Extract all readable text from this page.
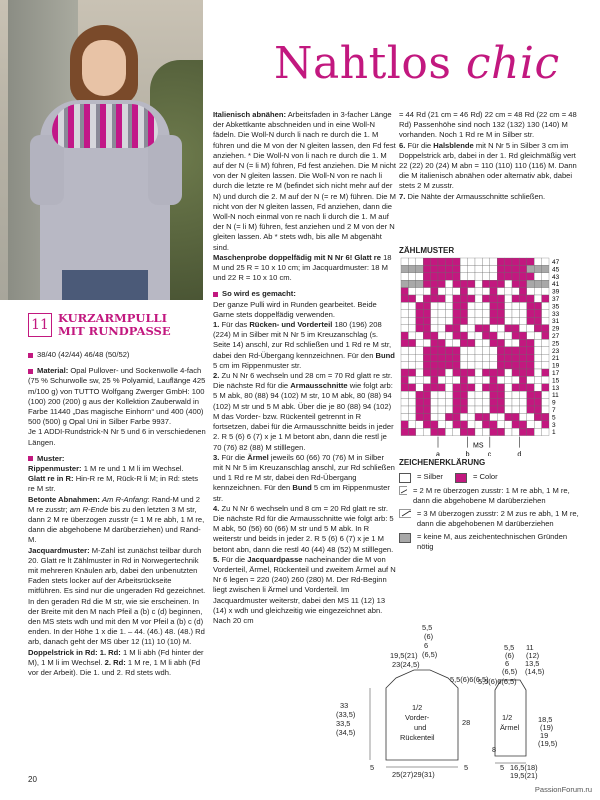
Nahtlos chic
11 KURZARMPULLI
MIT RUNDPASSE

38/40 (42/44) 46/48 (50/52)

Material: Opal Pullover- und Sockenwolle 4-fach (75 % Schurwolle sw, 25 % Polyamid, Lauflänge 425 m/100 g) von TUTTO Wolfgang Zwerger GmbH: 100 (100) 200 (200) g aus der Kollektion Zauberwald in Farbe 11440 „Das magische Einhorn“ und 400 (400) 500 (500) g Opal Uni in Silber Farbe 9937.

Je 1 ADDI-Rundstrick-N Nr 5 und 6 in verschiedenen Längen.

Muster:

Rippenmuster: 1 M re und 1 M li im Wechsel.

Glatt re in R: Hin-R re M, Rück-R li M; in Rd: stets re M str.

Betonte Abnahmen: Am R-Anfang: Rand-M und 2 M re zusstr; am R-Ende bis zu den letzten 3 M str, dann 2 M re überzogen zusstr (= 1 M re abh, 1 M re, dann die abgehobene M darüberziehen) und Rand-M.

Jacquardmuster: M-Zahl ist zunächst teilbar durch 20. Glatt re lt Zählmuster in Rd in Norwegertechnik mit mehreren Knäulen arb, dabei den unbenutzten Faden stets locker auf der Arbeitsrückseite mitführen. Es sind nur die ungeraden Rd gezeichnet. In den geraden Rd die M str, wie sie erscheinen. In der Breite mit den M nach Pfeil a (b) c (d) beginnen, den MS stets wdh und mit den M vor Pfeil a (b) c (d) enden. In der Höhe 1 x die 1. – 44. (46.) 48. (48.) Rd arb, danach geht der MS über 12 (11) 10 (10) M.

Doppelstrick in Rd: 1. Rd: 1 M li abh (Fd hinter der M), 1 M li im Wechsel. 2. Rd: 1 M re, 1 M li abh (Fd vor der Arbeit). Die 1. und 2. Rd stets wdh.

Italienisch abnähen: Arbeitsfaden in 3-facher Länge der Abkettkante abschneiden und in eine Woll-N fädeln. Die Woll-N durch li nach re durch die 1. M führen und die M von der N gleiten lassen, den Fd fest anziehen. * Die Woll-N von li nach re durch die 1. M auf der N (= li M) führen, Fd fest anziehen. Die M nicht von der N gleiten lassen. Die Woll-N von re nach li durch die letzte re M (befindet sich nicht mehr auf der N) und durch die 2. M auf der N (= re M) führen. Die M nicht von der N gleiten lassen, Fd anziehen, dann die Woll-N noch einmal von re nach li durch die 1. M auf der N (= li M) führen, fest anziehen und 2 M von der N gleiten lassen. Ab * stets wdh, bis alle M abgenäht sind.

Maschenprobe doppelfädig mit N Nr 6! Glatt re 18 M und 25 R = 10 x 10 cm; im Jacquardmuster: 18 M und 22 R = 10 x 10 cm.

So wird es gemacht:

Der ganze Pulli wird in Runden gearbeitet. Beide Garne stets doppelfädig verwenden.

1. Für das Rücken- und Vorderteil 180 (196) 208 (224) M in Silber mit N Nr 5 im Kreuzanschlag (s. Seite 14) anschl, zur Rd schließen und 1 Rd re M str, dabei den Rd-Übergang kennzeichnen. Für den Bund 5 cm im Rippenmuster str.

2. Zu N Nr 6 wechseln und 28 cm = 70 Rd glatt re str. Die nächste Rd für die Armausschnitte wie folgt arb: 5 M abk, 80 (88) 94 (102) M str, 10 M abk, 80 (88) 94 (102) M str und 5 M abk. Über die je 80 (88) 94 (102) M das Vorder- bzw. Rückenteil getrennt in R fortsetzen, dabei für die Armausschnitte beids in jeder 2. R 5 (6) 6 (7) x je 1 M betont abn, dann die restl je 70 (76) 82 (88) M stilllegen.

3. Für die Ärmel jeweils 60 (66) 70 (76) M in Silber mit N Nr 5 im Kreuzanschlag anschl, zur Rd schließen und 1 Rd re M str, dabei den Rd-Übergang kennzeichnen. Für den Bund 5 cm im Rippenmuster str.

4. Zu N Nr 6 wechseln und 8 cm = 20 Rd glatt re str. Die nächste Rd für die Armausschnitte wie folgt arb: 5 M abk, 50 (56) 60 (66) M str und 5 M abk. In R weiterstr und beids in jeder 2. R 5 (6) 6 (7) x je 1 M betont abn, dann die restl 40 (44) 48 (52) M stilllegen.

5. Für die Jacquardpasse nacheinander die M von Vorderteil, Ärmel, Rückenteil und zweitem Ärmel auf N Nr 6 legen = 220 (240) 260 (280) M. Der Rd-Beginn liegt zwischen li Ärmel und Vorderteil. Im Jacquardmuster weiterstr, dabei den MS 11 (12) 13 (14) x wdh und gleichzeitig wie eingezeichnet abn. Nach 20 cm

= 44 Rd (21 cm = 46 Rd) 22 cm = 48 Rd (22 cm = 48 Rd) Passenhöhe sind noch 132 (132) 130 (140) M vorhanden. Noch 1 Rd re M in Silber str.

6. Für die Halsblende mit N Nr 5 in Silber 3 cm im Doppelstrick arb, dabei in der 1. Rd gleichmäßig vert 22 (22) 20 (24) M abn = 110 (110) 110 (116) M. Dann die M italienisch abnähen oder alternativ abk, dabei stets 2 M zusstr.

7. Die Nähte der Armausschnitte schließen.

ZÄHLMUSTER
47
45
43
41
39
37
35
33
31
29
27
25
23
21
19
17
15
13
11
9
7
5
3
1
a	b	c	d
MS
ZEICHENERKLÄRUNG
= Silber	= Color
= 2 M re überzogen zusstr: 1 M re abh, 1 M re, dann die abgehobene M darüberziehen
= 3 M überzogen zusstr: 2 M zus re abh, 1 M re, dann die abgehobenen M darüberziehen
= keine M, aus zeichentechnischen Gründen nötig
1/2
Vorder-
und
Rückenteil
1/2
Ärmel
5,5
(6)
6
(6,5)
19,5(21)
23(24,5)
5,5(6)6(6,5)
33
(33,5)
33,5
(34,5)
28
5	5
25(27)29(31)
5,5
(6)
6
(6,5)
11
(12)
13,5
(14,5)
5,5(6)6(6,5)
18,5
(19)
19
(19,5)
8
5 16,5(18)
19,5(21)
20
PassionForum.ru
